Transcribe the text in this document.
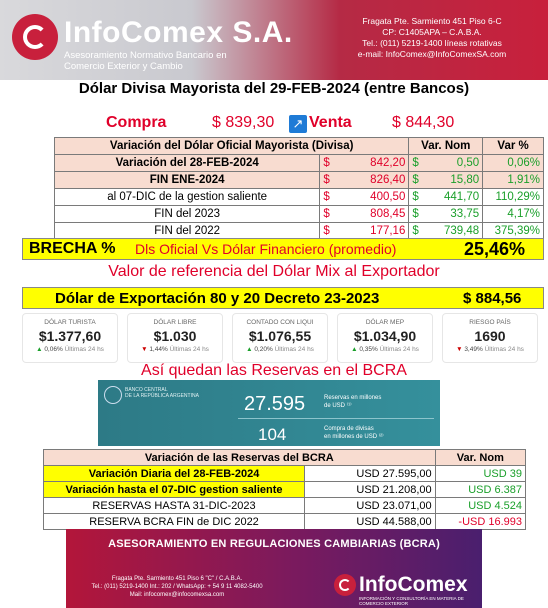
InfoComex S.A.
Asesoramiento Normativo Bancario en
Comercio Exterior y Cambio
Fragata Pte. Sarmiento 451 Piso 6-C
CP: C1405APA – C.A.B.A.
Tel.: (011) 5219-1400 líneas rotativas
e-mail: InfoComex@InfoComexSA.com
Dólar Divisa Mayorista del 29-FEB-2024 (entre Bancos)
Compra	$ 839,30 ↗ Venta	$ 844,30
Variación del Dólar Oficial Mayorista (Divisa)			Var. Nom		Var %
Variación del 28-FEB-2024	$	842,20	$	0,50	0,06%
FIN ENE-2024	$	826,40	$	15,80	1,91%
al 07-DIC de la gestion saliente	$	400,50	$	441,70	110,29%
FIN del 2023	$	808,45	$	33,75	4,17%
FIN del 2022	$	177,16	$	739,48	375,39%
BRECHA % Dls Oficial Vs Dólar Financiero (promedio)	25,46%
Valor de referencia del Dólar Mix al Exportador
Dólar de Exportación 80 y 20 Decreto 23-2023	$ 884,56
DÓLAR TURISTA
$1.377,60
▲ 0,06% Últimas 24 hs
DÓLAR LIBRE
$1.030
▼ 1,44% Últimas 24 hs
CONTADO CON LIQUI
$1.076,55
▲ 0,20% Últimas 24 hs
DÓLAR MEP
$1.034,90
▲ 0,35% Últimas 24 hs
RIESGO PAÍS
1690
▼ 3,49% Últimas 24 hs
Así quedan las Reservas en el BCRA
BANCO CENTRAL
DE LA REPÚBLICA ARGENTINA	27.595	Reservas en millones
de USD ⁽¹⁾
104	Compra de divisas
en millones de USD ⁽²⁾
Variación de las Reservas del BCRA		Var. Nom
Variación Diaria del 28-FEB-2024	USD 27.595,00	USD 39
Variación hasta el 07-DIC gestion saliente	USD 21.208,00	USD 6.387
RESERVAS HASTA 31-DIC-2023	USD 23.071,00	USD 4.524
RESERVA BCRA FIN de DIC 2022	USD 44.588,00	-USD 16.993
ASESORAMIENTO EN REGULACIONES CAMBIARIAS (BCRA)
Fragata Pte. Sarmiento 451 Piso 6 "C" / C.A.B.A.
Tel.: (011) 5219-1400 Int.: 202 / WhatsApp: + 54 9 11 4082-5400
Mail: infocomex@infocomexsa.com	InfoComex
INFORMACIÓN Y CONSULTORÍA EN MATERIA DE COMERCIO EXTERIOR
